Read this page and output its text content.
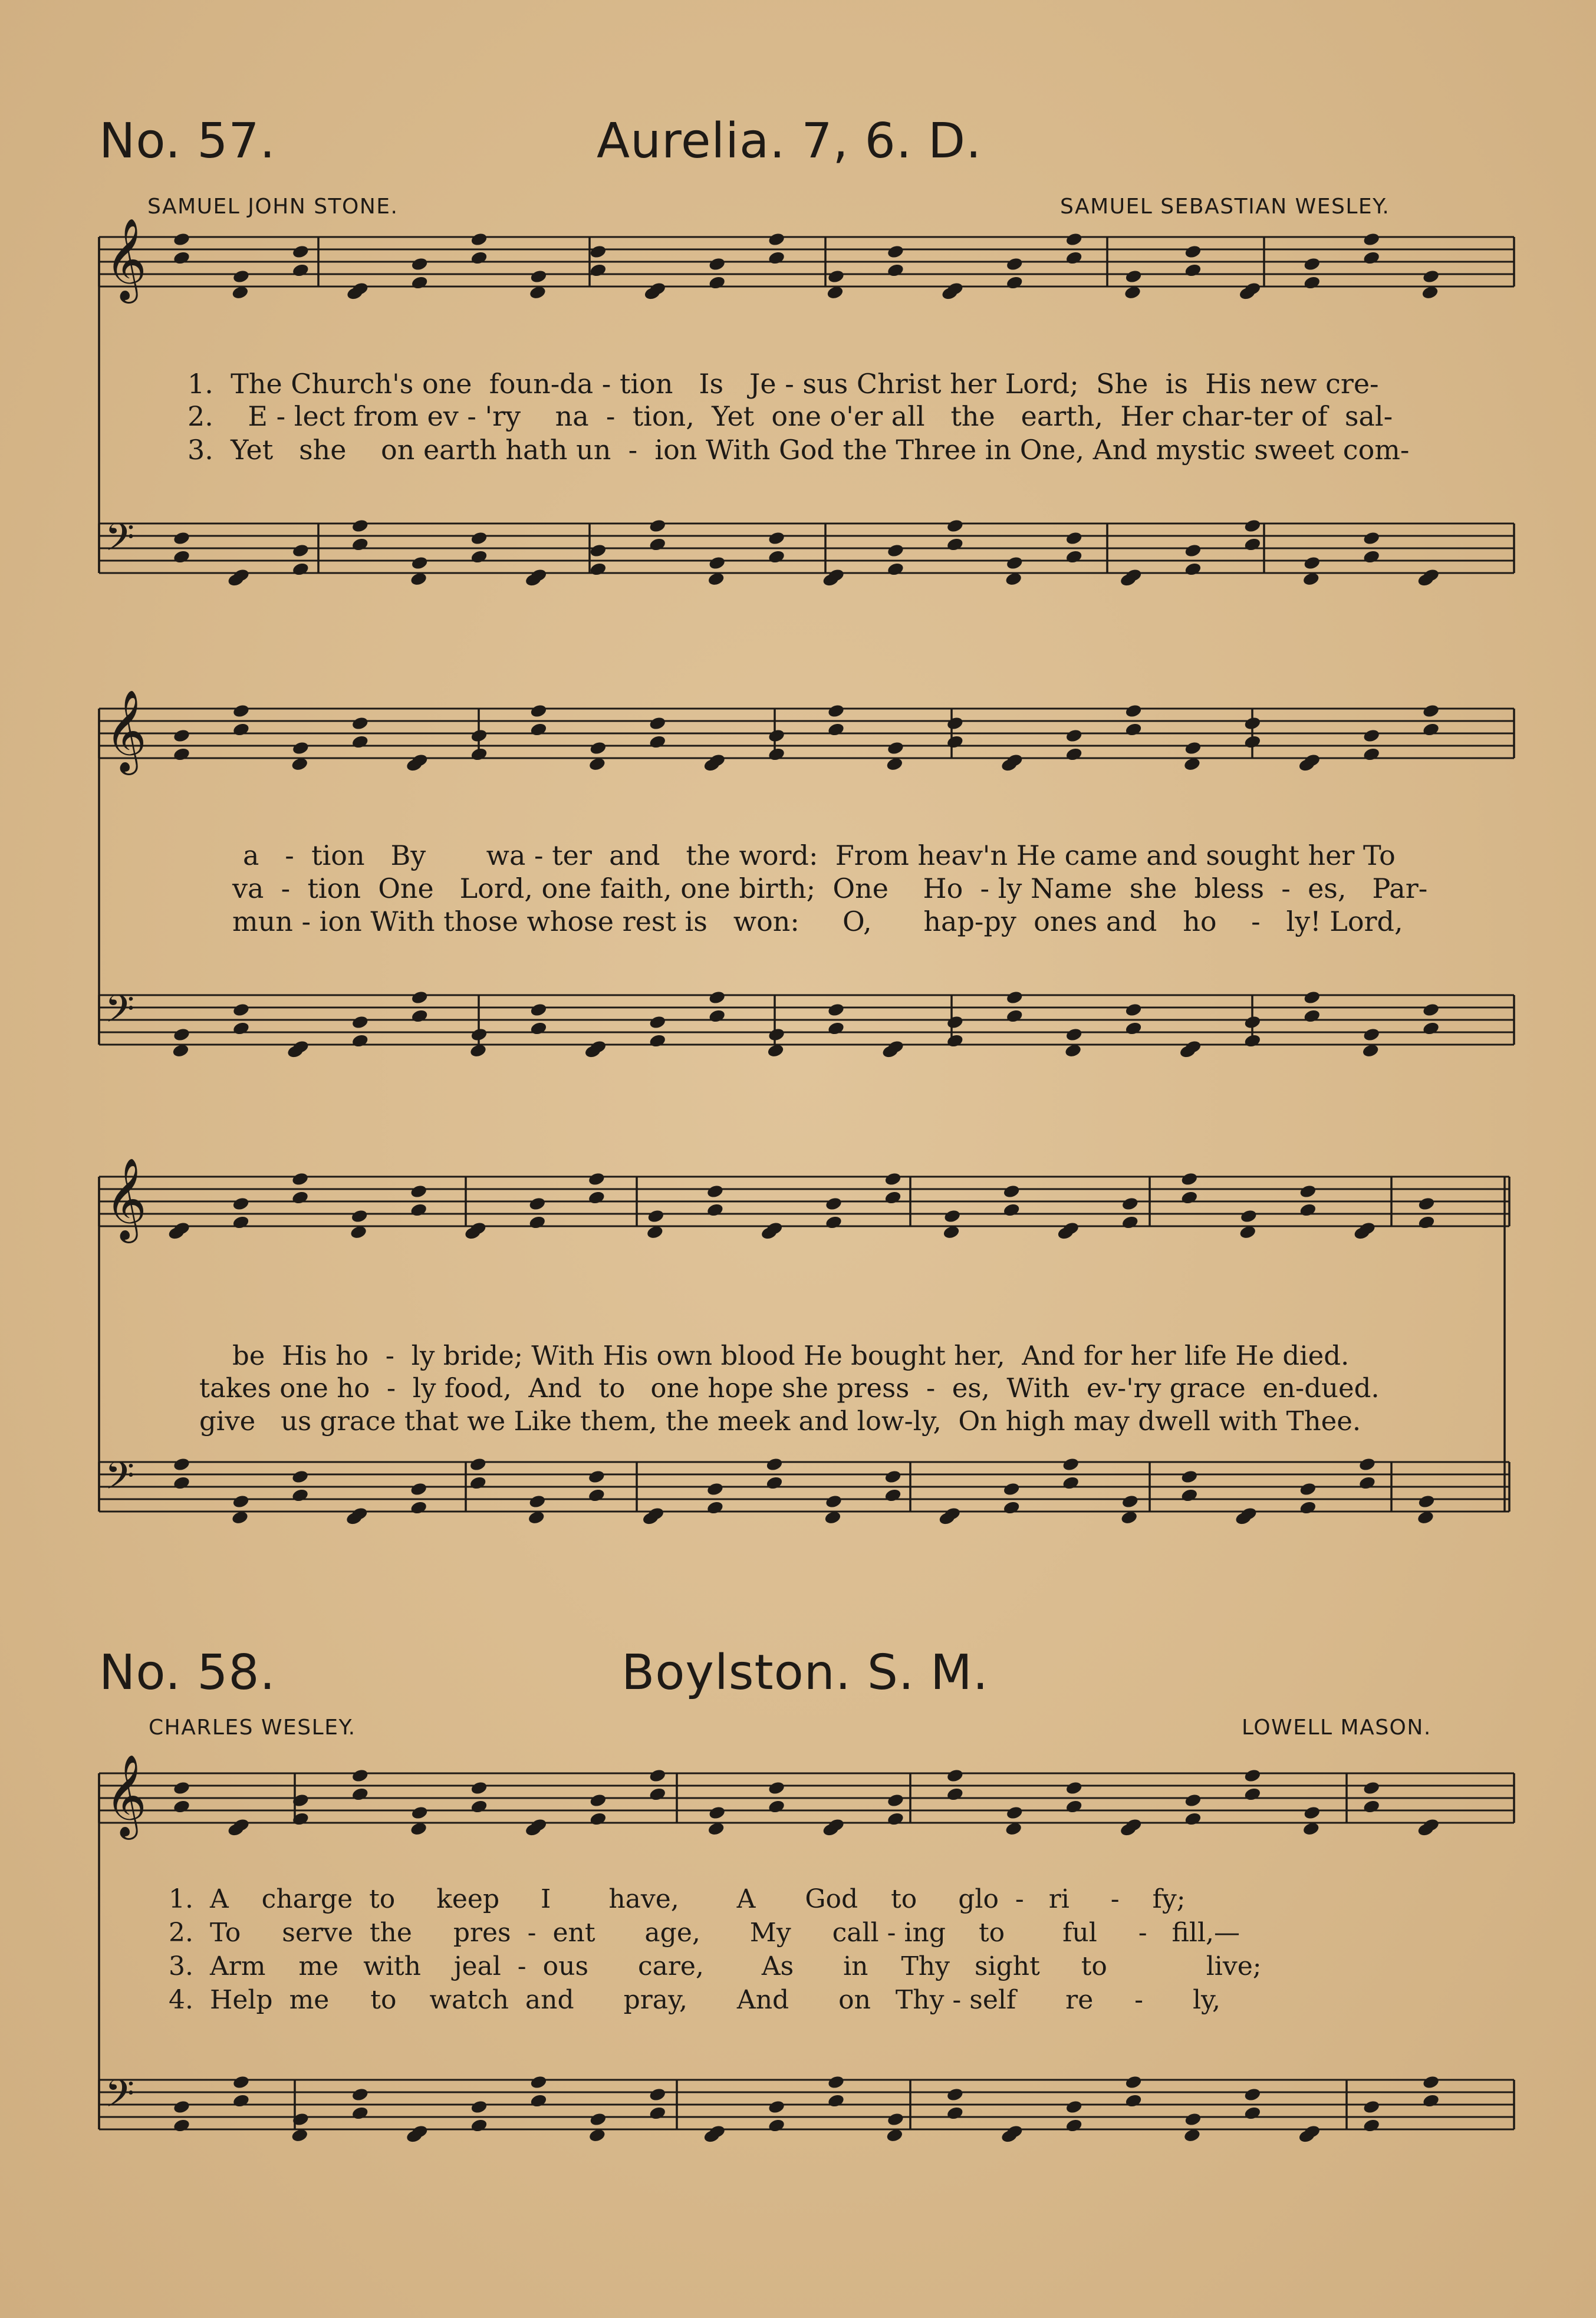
No. 57.	Aurelia. 7, 6. D.
SAMUEL JOHN STONE.	SAMUEL SEBASTIAN WESLEY.
No. 58.	Boylston. S. M.
CHARLES WESLEY.	LOWELL MASON.
𝄞
𝄢
𝄞
𝄢
𝄞
𝄢
𝄞
𝄢
1.  The Church's one  foun-da - tion   Is   Je - sus Christ her Lord;  She  is  His new cre-
2.    E - lect from ev - 'ry    na  -  tion,  Yet  one o'er all   the   earth,  Her char-ter of  sal-
3.  Yet   she    on earth hath un  -  ion With God the Three in One, And mystic sweet com-
a   -  tion   By       wa - ter  and   the word:  From heav'n He came and sought her To
va  -  tion  One   Lord, one faith, one birth;  One    Ho  - ly Name  she  bless  -  es,   Par-
mun - ion With those whose rest is   won:     O,      hap-py  ones and   ho    -   ly! Lord,
be  His ho  -  ly bride; With His own blood He bought her,  And for her life He died.
takes one ho  -  ly food,  And  to   one hope she press  -  es,  With  ev-'ry grace  en-dued.
give   us grace that we Like them, the meek and low-ly,  On high may dwell with Thee.
1.  A    charge  to     keep     I       have,       A      God    to     glo  -   ri     -    fy;
2.  To     serve  the     pres  -  ent      age,      My     call - ing    to       ful     -   fill,—
3.  Arm    me   with    jeal  -  ous      care,       As      in    Thy   sight     to            live;
4.  Help  me     to    watch  and      pray,      And      on   Thy - self      re     -      ly,
